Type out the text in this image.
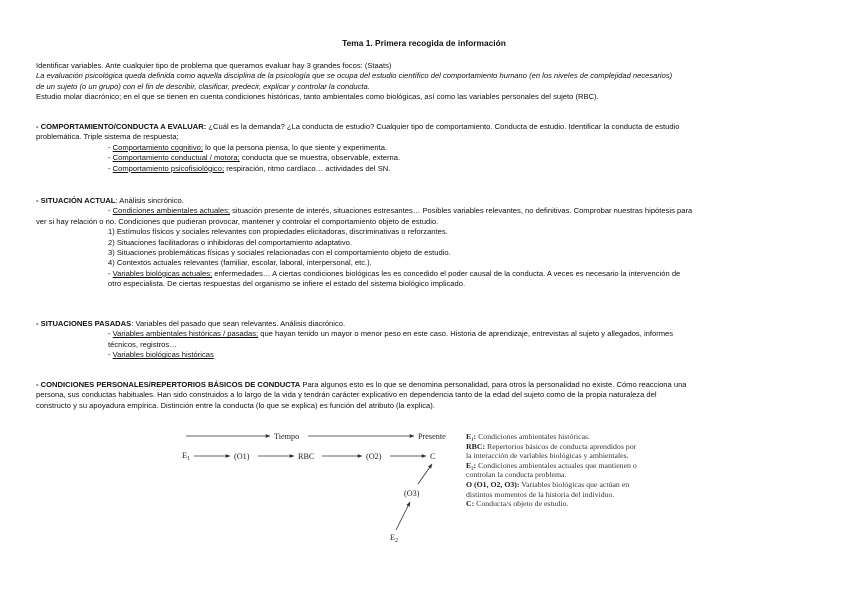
Tema 1. Primera recogida de información
Identificar variables. Ante cualquier tipo de problema que queramos evaluar hay 3 grandes focos: (Staats)
La evaluación psicológica queda definida como aquella disciplina de la psicología que se ocupa del estudio científico del comportamiento humano (en los niveles de complejidad necesarios)
de un sujeto (o un grupo) con el fin de describir, clasificar, predecir, explicar y controlar la conducta.
Estudio molar diacrónico; en el que se tienen en cuenta condiciones históricas, tanto ambientales como biológicas, así como las variables personales del sujeto (RBC).
- COMPORTAMIENTO/CONDUCTA A EVALUAR: ¿Cuál es la demanda? ¿La conducta de estudio? Cualquier tipo de comportamiento. Conducta de estudio. Identificar la conducta de estudio
problemática. Triple sistema de respuesta;
- Comportamiento cognitivo; lo que la persona piensa, lo que siente y experimenta.
- Comportamiento conductual / motora; conducta que se muestra, observable, externa.
- Comportamiento psicofisiológico; respiración, ritmo cardíaco… actividades del SN.
- SITUACIÓN ACTUAL: Análisis sincrónico.
- Condiciones ambientales actuales; situación presente de interés, situaciones estresantes… Posibles variables relevantes, no definitivas. Comprobar nuestras hipótesis para
ver si hay relación o no. Condiciones que pudieran provocar, mantener y controlar el comportamiento objeto de estudio.
1) Estímulos físicos y sociales relevantes con propiedades elicitadoras, discriminativas o reforzantes.
2) Situaciones facilitadoras o inhibidoras del comportamiento adaptativo.
3) Situaciones problemáticas físicas y sociales relacionadas con el comportamiento objeto de estudio.
4) Contextos actuales relevantes (familiar, escolar, laboral, interpersonal, etc.).
- Variables biológicas actuales; enfermedades… A ciertas condiciones biológicas les es concedido el poder causal de la conducta. A veces es necesario la intervención de
otro especialista. De ciertas respuestas del organismo se infiere el estado del sistema biológico implicado.
- SITUACIONES PASADAS: Variables del pasado que sean relevantes. Análisis diacrónico.
- Variables ambientales históricas / pasadas; que hayan tenido un mayor o menor peso en este caso. Historia de aprendizaje, entrevistas al sujeto y allegados, informes
técnicos, registros…
- Variables biológicas históricas
- CONDICIONES PERSONALES/REPERTORIOS BÁSICOS DE CONDUCTA Para algunos esto es lo que se denomina personalidad, para otros la personalidad no existe. Cómo reacciona una
persona, sus conductas habituales. Han sido construidos a lo largo de la vida y tendrán carácter explicativo en dependencia tanto de la edad del sujeto como de la propia naturaleza del
constructo y su apoyadura empírica. Distinción entre la conducta (lo que se explica) es función del atributo (la explica).
Tiempo	Presente
$E_1$	(O1)	RBC	(O2)	C
(O3)
$E_2$

E₁: Condiciones ambientales históricas.

RBC: Repertorios básicos de conducta aprendidos por la interacción de variables biológicas y ambientales.

E₂: Condiciones ambientales actuales que mantienen o controlan la conducta problema.

O (O1, O2, O3): Variables biológicas que actúan en distintos momentos de la historia del individuo.

C: Conducta/s objeto de estudio.
